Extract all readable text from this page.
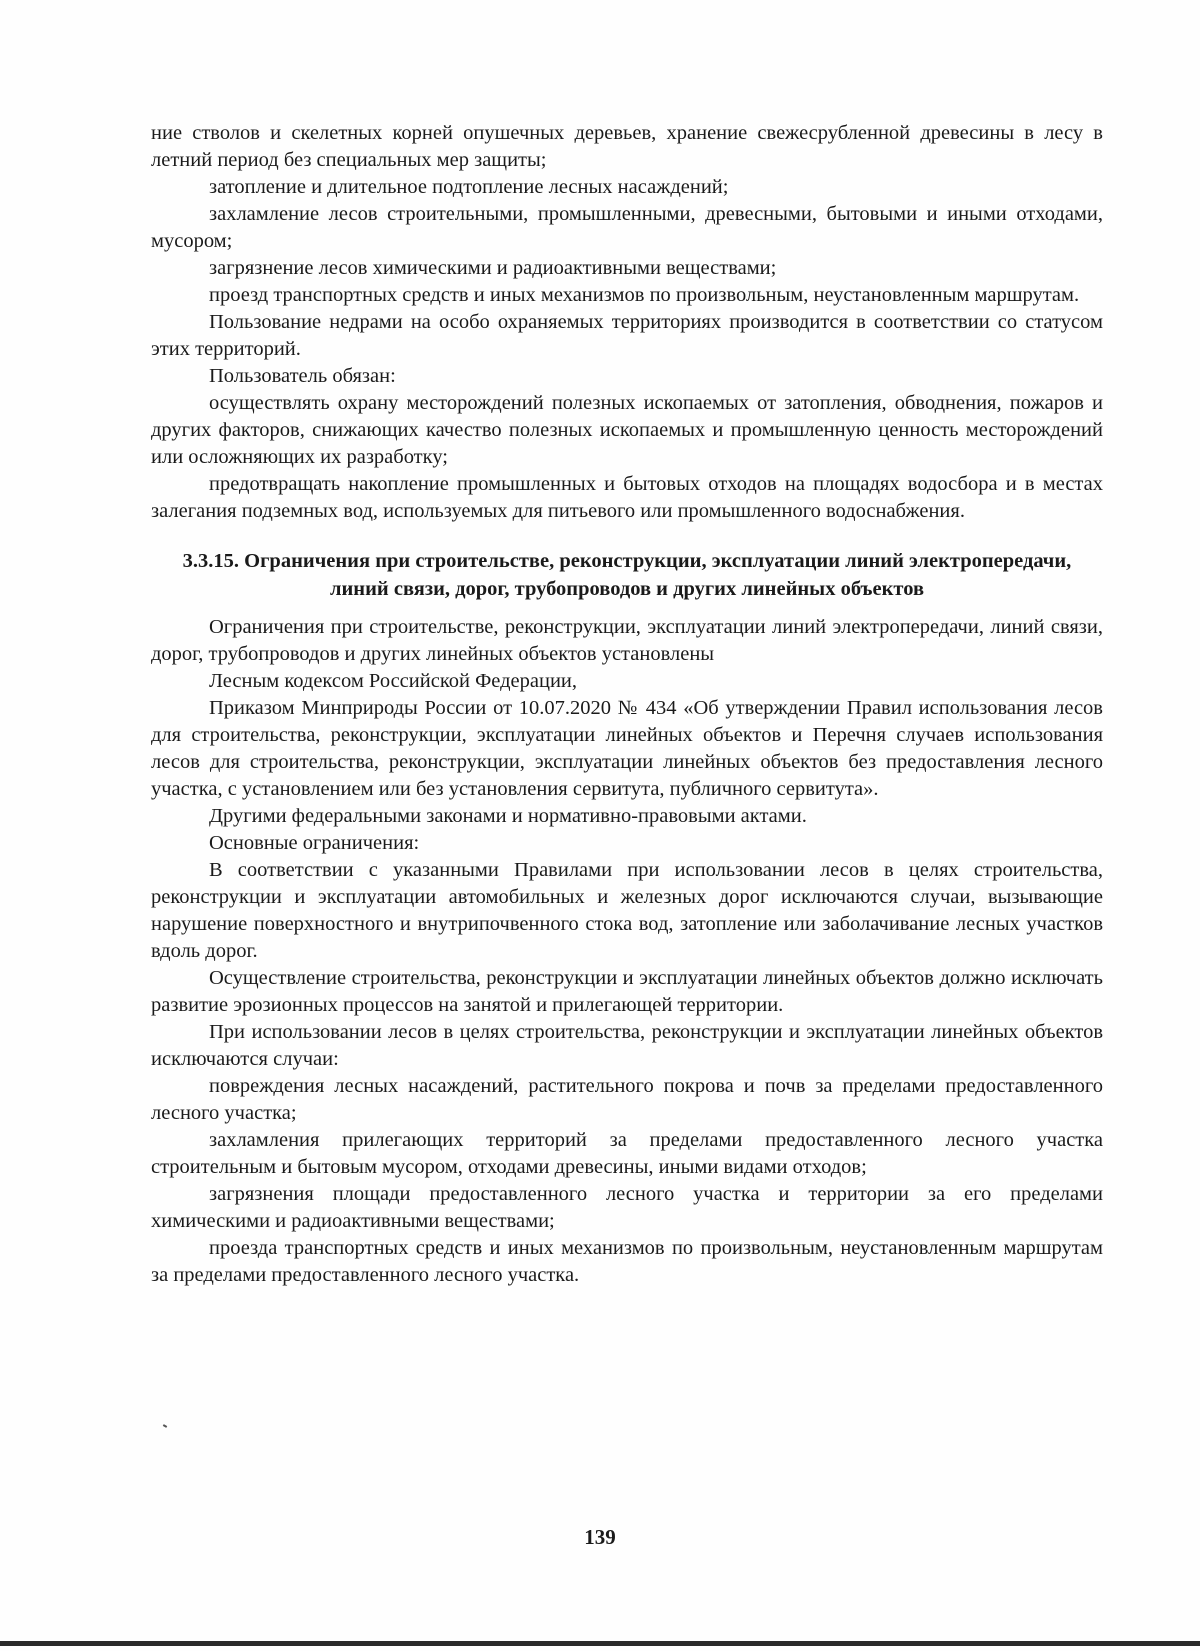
ние стволов и скелетных корней опушечных деревьев, хранение свежесрубленной древесины в лесу в летний период без специальных мер защиты;

затопление и длительное подтопление лесных насаждений;

захламление лесов строительными, промышленными, древесными, бытовыми и иными отходами, мусором;

загрязнение лесов химическими и радиоактивными веществами;

проезд транспортных средств и иных механизмов по произвольным, неустановленным маршрутам.

Пользование недрами на особо охраняемых территориях производится в соответствии со статусом этих территорий.

Пользователь обязан:

осуществлять охрану месторождений полезных ископаемых от затопления, обводнения, пожаров и других факторов, снижающих качество полезных ископаемых и промышленную ценность месторождений или осложняющих их разработку;

предотвращать накопление промышленных и бытовых отходов на площадях водосбора и в местах залегания подземных вод, используемых для питьевого или промышленного водоснабжения.

3.3.15. Ограничения при строительстве, реконструкции, эксплуатации линий электропередачи, линий связи, дорог, трубопроводов и других линейных объектов

Ограничения при строительстве, реконструкции, эксплуатации линий электропередачи, линий связи, дорог, трубопроводов и других линейных объектов установлены

Лесным кодексом Российской Федерации,

Приказом Минприроды России от 10.07.2020 № 434 «Об утверждении Правил использования лесов для строительства, реконструкции, эксплуатации линейных объектов и Перечня случаев использования лесов для строительства, реконструкции, эксплуатации линейных объектов без предоставления лесного участка, с установлением или без установления сервитута, публичного сервитута».

Другими федеральными законами и нормативно-правовыми актами.

Основные ограничения:

В соответствии с указанными Правилами при использовании лесов в целях строительства, реконструкции и эксплуатации автомобильных и железных дорог исключаются случаи, вызывающие нарушение поверхностного и внутрипочвенного стока вод, затопление или заболачивание лесных участков вдоль дорог.

Осуществление строительства, реконструкции и эксплуатации линейных объектов должно исключать развитие эрозионных процессов на занятой и прилегающей территории.

При использовании лесов в целях строительства, реконструкции и эксплуатации линейных объектов исключаются случаи:

повреждения лесных насаждений, растительного покрова и почв за пределами предоставленного лесного участка;

захламления прилегающих территорий за пределами предоставленного лесного участка строительным и бытовым мусором, отходами древесины, иными видами отходов;

загрязнения площади предоставленного лесного участка и территории за его пределами химическими и радиоактивными веществами;

проезда транспортных средств и иных механизмов по произвольным, неустановленным маршрутам за пределами предоставленного лесного участка.

139
